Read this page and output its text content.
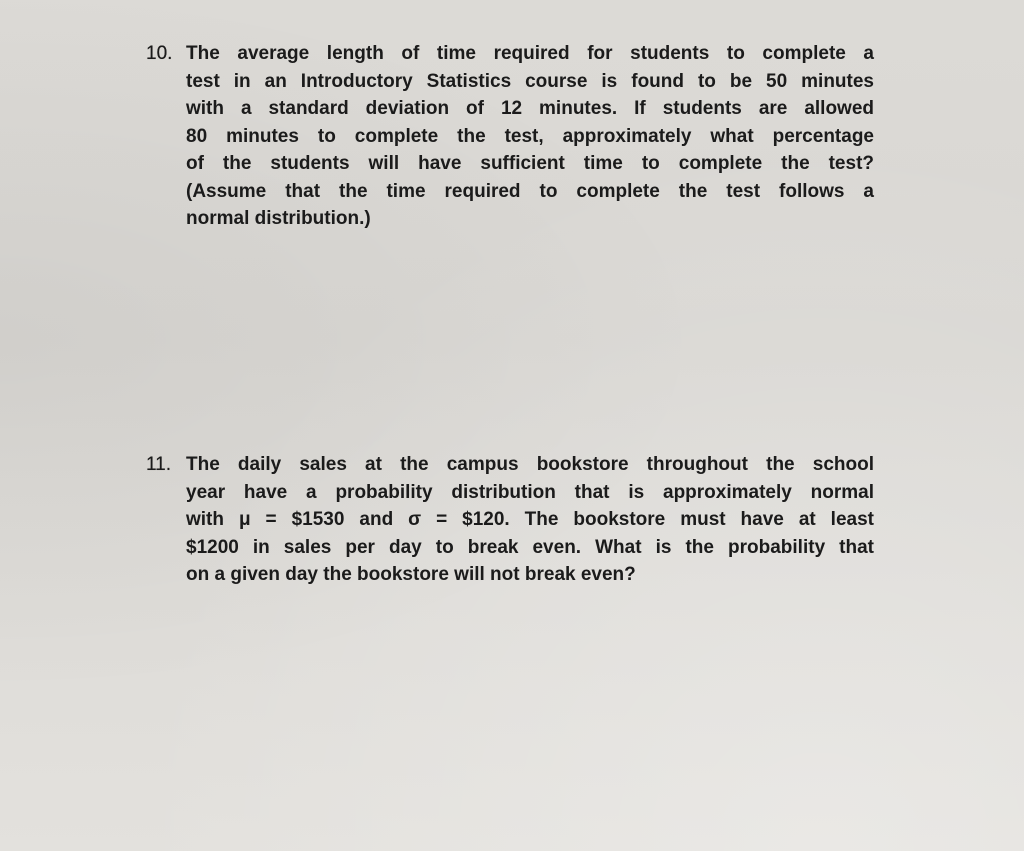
10. The average length of time required for students to complete a
test in an Introductory Statistics course is found to be 50 minutes
with a standard deviation of 12 minutes. If students are allowed
80 minutes to complete the test, approximately what percentage
of the students will have sufficient time to complete the test?
(Assume that the time required to complete the test follows a
normal distribution.)
11. The daily sales at the campus bookstore throughout the school
year have a probability distribution that is approximately normal
with μ = $1530 and σ = $120. The bookstore must have at least
$1200 in sales per day to break even. What is the probability that
on a given day the bookstore will not break even?
